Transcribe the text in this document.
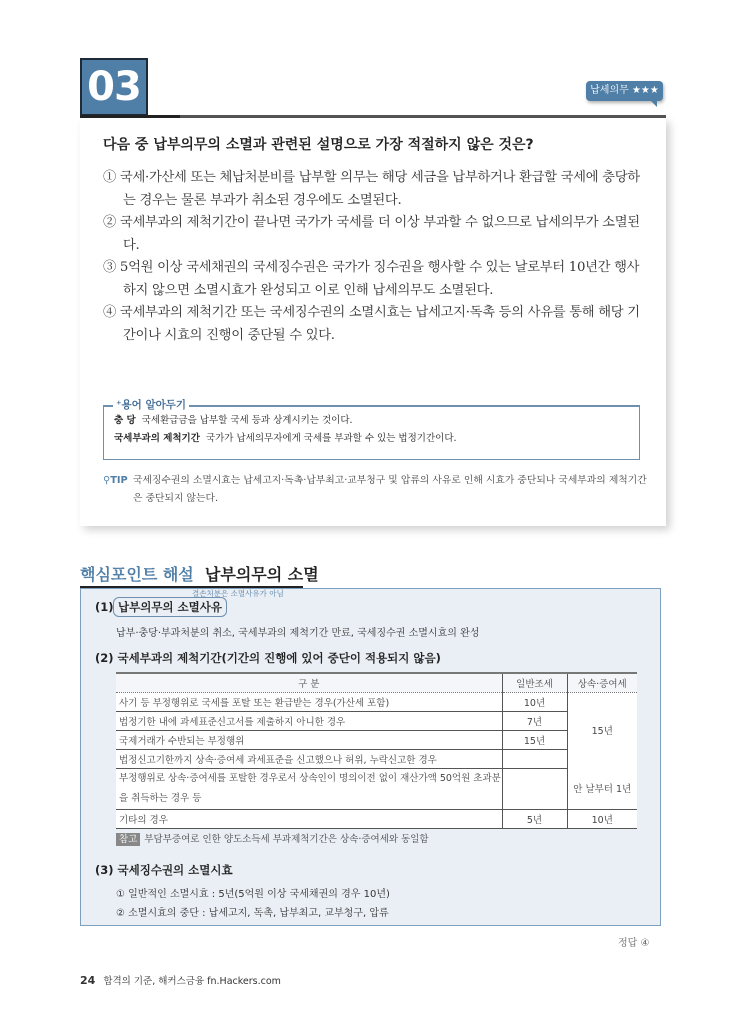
03	납세의무 ★★★
다음 중 납부의무의 소멸과 관련된 설명으로 가장 적절하지 않은 것은?
① 국세·가산세 또는 체납처분비를 납부할 의무는 해당 세금을 납부하거나 환급할 국세에 충당하는 경우는 물론 부과가 취소된 경우에도 소멸된다.
② 국세부과의 제척기간이 끝나면 국가가 국세를 더 이상 부과할 수 없으므로 납세의무가 소멸된다.
③ 5억원 이상 국세채권의 국세징수권은 국가가 징수권을 행사할 수 있는 날로부터 10년간 행사하지 않으면 소멸시효가 완성되고 이로 인해 납세의무도 소멸된다.
④ 국세부과의 제척기간 또는 국세징수권의 소멸시효는 납세고지·독촉 등의 사유를 통해 해당 기간이나 시효의 진행이 중단될 수 있다.
⁺용어 알아두기
충 당 국세환급금을 납부할 국세 등과 상계시키는 것이다.
국세부과의 제척기간 국가가 납세의무자에게 국세를 부과할 수 있는 법정기간이다.
⚲TIP 국세징수권의 소멸시효는 납세고지·독촉·납부최고·교부청구 및 압류의 사유로 인해 시효가 중단되나 국세부과의 제척기간은 중단되지 않는다.
핵심포인트 해설 납부의무의 소멸
(1) 납부의무의 소멸사유
결손처분은 소멸사유가 아님
납부·충당·부과처분의 취소, 국세부과의 제척기간 만료, 국세징수권 소멸시효의 완성
(2) 국세부과의 제척기간(기간의 진행에 있어 중단이 적용되지 않음)
구 분	일반조세	상속·증여세
사기 등 부정행위로 국세를 포탈 또는 환급받는 경우(가산세 포함)	10년	15년
법정기한 내에 과세표준신고서를 제출하지 아니한 경우	7년	
국제거래가 수반되는 부정행위	15년	
법정신고기한까지 상속·증여세 과세표준을 신고했으나 허위, 누락신고한 경우		
부정행위로 상속·증여세를 포탈한 경우로서 상속인이 명의이전 없이 재산가액 50억원 초과분을 취득하는 경우 등		안 날부터 1년
기타의 경우	5년	10년
참고 부담부증여로 인한 양도소득세 부과제척기간은 상속·증여세와 동일함
(3) 국세징수권의 소멸시효
① 일반적인 소멸시효 : 5년(5억원 이상 국세채권의 경우 10년)
② 소멸시효의 중단 : 납세고지, 독촉, 납부최고, 교부청구, 압류
정답 ④
24 합격의 기준, 해커스금융 fn.Hackers.com
